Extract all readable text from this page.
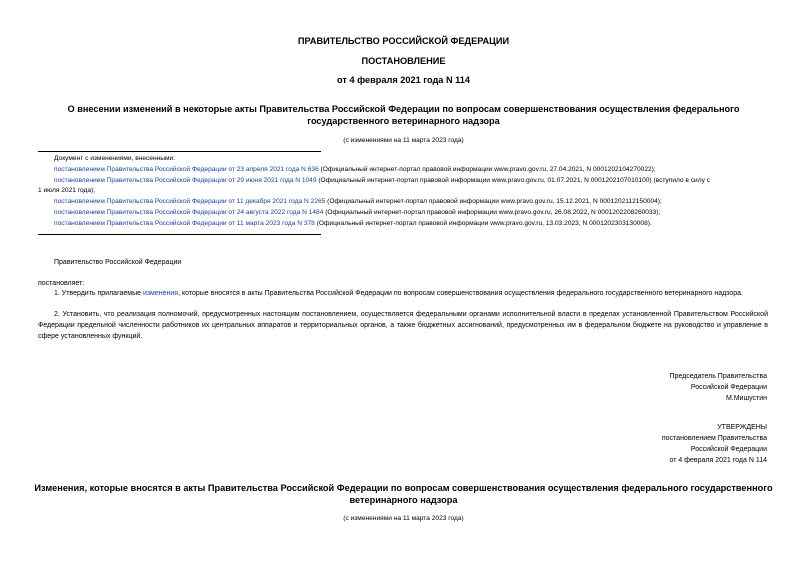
ПРАВИТЕЛЬСТВО РОССИЙСКОЙ ФЕДЕРАЦИИ
ПОСТАНОВЛЕНИЕ
от 4 февраля 2021 года N 114
О внесении изменений в некоторые акты Правительства Российской Федерации по вопросам совершенствования осуществления федерального
государственного ветеринарного надзора
(с изменениями на 11 марта 2023 года)
Документ с изменениями, внесенными:
постановлением Правительства Российской Федерации от 23 апреля 2021 года N 636 (Официальный интернет-портал правовой информации www.pravo.gov.ru, 27.04.2021, N 0001202104270022);
постановлением Правительства Российской Федерации от 29 июня 2021 года N 1049 (Официальный интернет-портал правовой информации www.pravo.gov.ru, 01.07.2021, N 0001202107010100) (вступило в силу с
1 июля 2021 года);
постановлением Правительства Российской Федерации от 11 декабря 2021 года N 2265 (Официальный интернет-портал правовой информации www.pravo.gov.ru, 15.12.2021, N 0001202112150004);
постановлением Правительства Российской Федерации от 24 августа 2022 года N 1484 (Официальный интернет-портал правовой информации www.pravo.gov.ru, 26.08.2022, N 0001202208260033);
постановлением Правительства Российской Федерации от 11 марта 2023 года N 378 (Официальный интернет-портал правовой информации www.pravo.gov.ru, 13.03.2023, N 0001202303130008).
Правительство Российской Федерации
постановляет:
1. Утвердить прилагаемые изменения, которые вносятся в акты Правительства Российской Федерации по вопросам совершенствования осуществления федерального государственного ветеринарного надзора.
2. Установить, что реализация полномочий, предусмотренных настоящим постановлением, осуществляется федеральными органами исполнительной власти в пределах установленной Правительством Российской Федерации предельной численности работников их центральных аппаратов и территориальных органов, а также бюджетных ассигнований, предусмотренных им в федеральном бюджете на руководство и управление в сфере установленных функций.
Председатель Правительства
Российской Федерации
М.Мишустин
УТВЕРЖДЕНЫ
постановлением Правительства
Российской Федерации
от 4 февраля 2021 года N 114
Изменения, которые вносятся в акты Правительства Российской Федерации по вопросам совершенствования осуществления федерального государственного
ветеринарного надзора
(с изменениями на 11 марта 2023 года)
